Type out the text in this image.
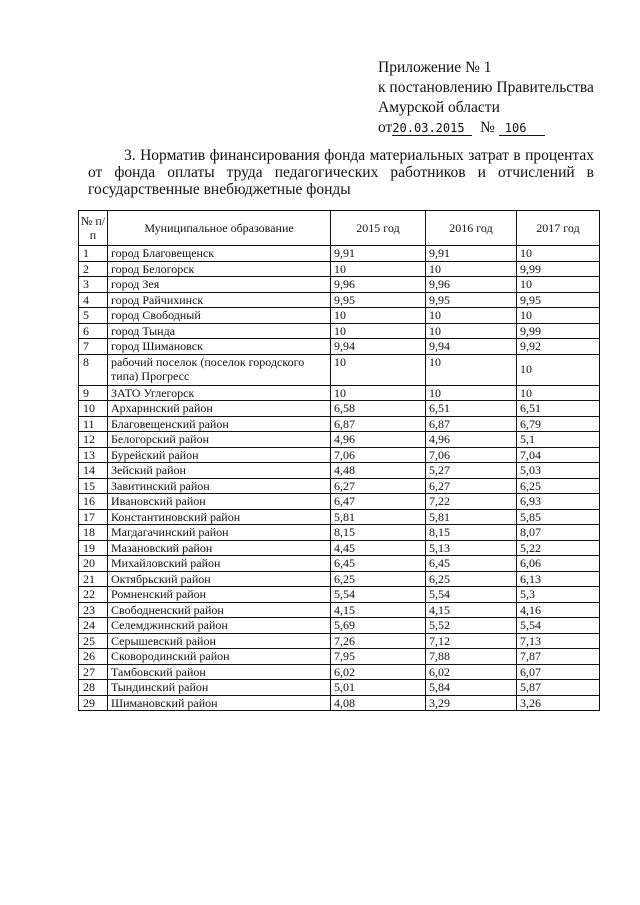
Приложение № 1
к постановлению Правительства
Амурской области
от20.03.2015 № 106

3. Норматив финансирования фонда материальных затрат в процентах от фонда оплаты труда педагогических работников и отчислений в государственные внебюджетные фонды

№ п/п	Муниципальное образование	2015 год	2016 год	2017 год
1	город Благовещенск	9,91	9,91	10
2	город Белогорск	10	10	9,99
3	город Зея	9,96	9,96	10
4	город Райчихинск	9,95	9,95	9,95
5	город Свободный	10	10	10
6	город Тында	10	10	9,99
7	город Шимановск	9,94	9,94	9,92
8	рабочий поселок (поселок городского типа) Прогресс	10	10	10
9	ЗАТО Углегорск	10	10	10
10	Архаринский район	6,58	6,51	6,51
11	Благовещенский район	6,87	6,87	6,79
12	Белогорский район	4,96	4,96	5,1
13	Бурейский район	7,06	7,06	7,04
14	Зейский район	4,48	5,27	5,03
15	Завитинский район	6,27	6,27	6,25
16	Ивановский район	6,47	7,22	6,93
17	Константиновский район	5,81	5,81	5,85
18	Магдагачинский район	8,15	8,15	8,07
19	Мазановский район	4,45	5,13	5,22
20	Михайловский район	6,45	6,45	6,06
21	Октябрьский район	6,25	6,25	6,13
22	Ромненский район	5,54	5,54	5,3
23	Свободненский район	4,15	4,15	4,16
24	Селемджинский район	5,69	5,52	5,54
25	Серышевский район	7,26	7,12	7,13
26	Сковородинский район	7,95	7,88	7,87
27	Тамбовский район	6,02	6,02	6,07
28	Тындинский район	5,01	5,84	5,87
29	Шимановский район	4,08	3,29	3,26
